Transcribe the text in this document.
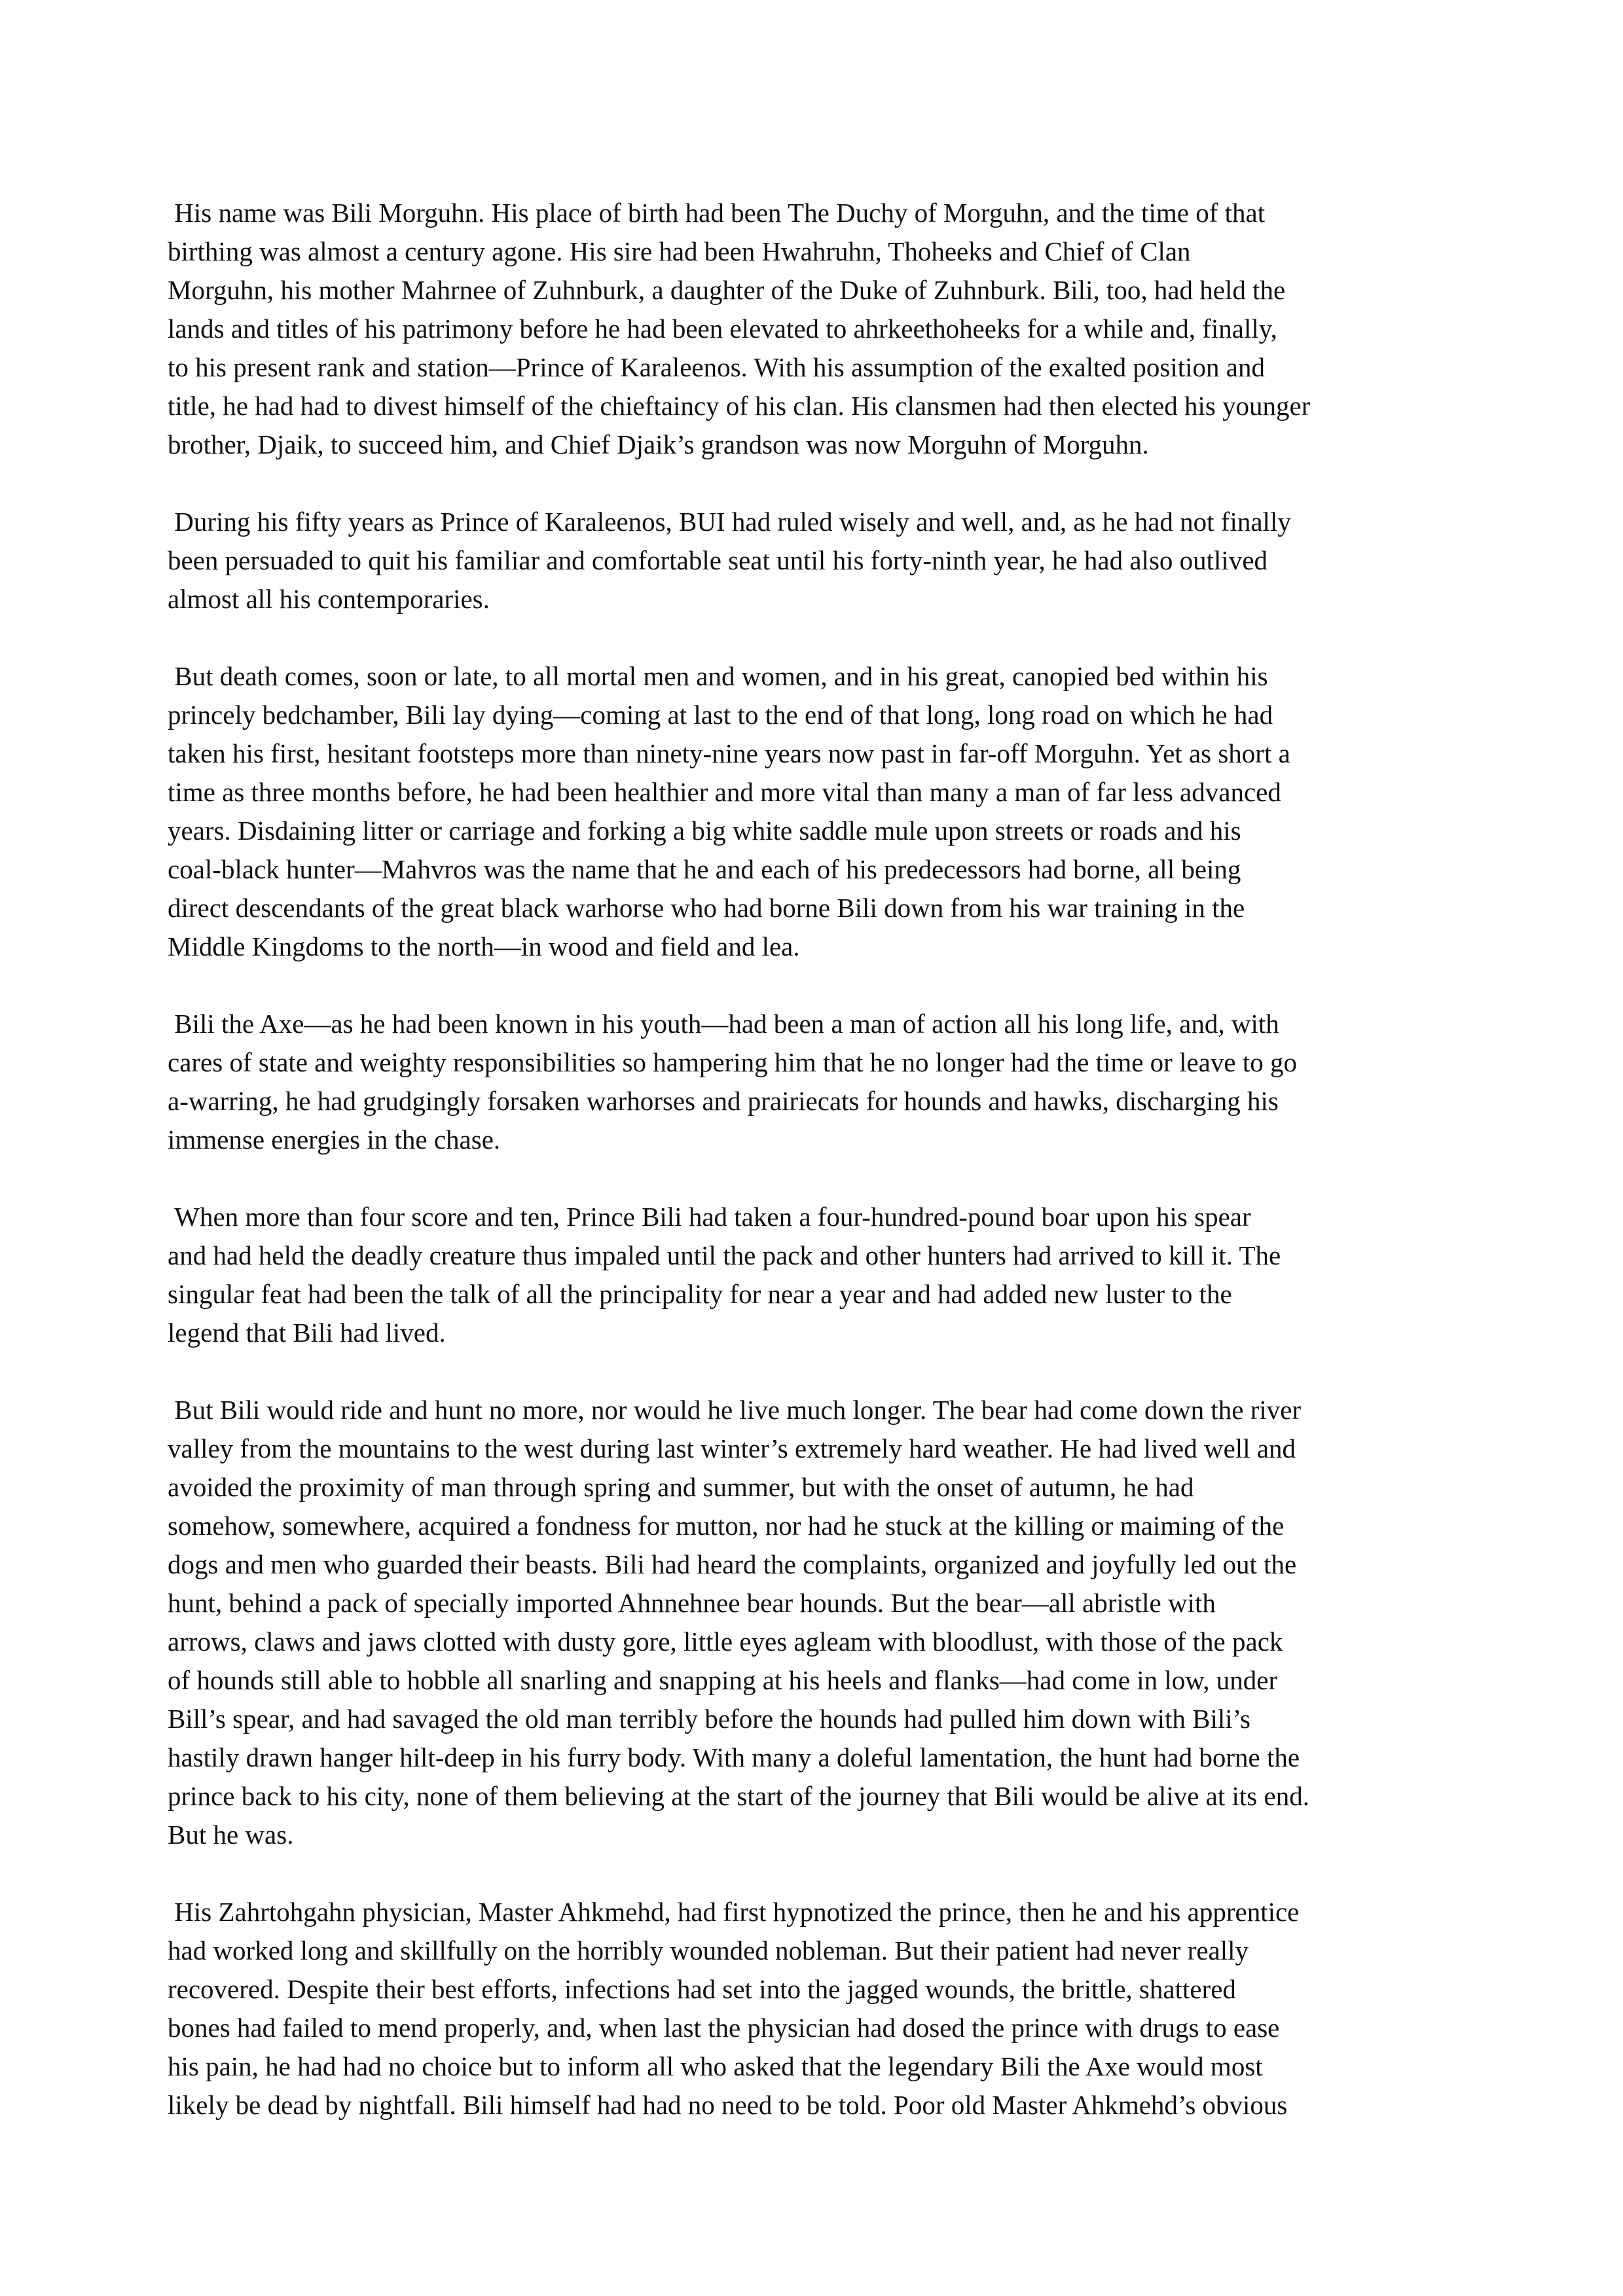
His name was Bili Morguhn. His place of birth had been The Duchy of Morguhn, and the time of that
birthing was almost a century agone. His sire had been Hwahruhn, Thoheeks and Chief of Clan
Morguhn, his mother Mahrnee of Zuhnburk, a daughter of the Duke of Zuhnburk. Bili, too, had held the
lands and titles of his patrimony before he had been elevated to ahrkeethoheeks for a while and, finally,
to his present rank and station—Prince of Karaleenos. With his assumption of the exalted position and
title, he had had to divest himself of the chieftaincy of his clan. His clansmen had then elected his younger
brother, Djaik, to succeed him, and Chief Djaik’s grandson was now Morguhn of Morguhn.

During his fifty years as Prince of Karaleenos, BUI had ruled wisely and well, and, as he had not finally
been persuaded to quit his familiar and comfortable seat until his forty-ninth year, he had also outlived
almost all his contemporaries.

But death comes, soon or late, to all mortal men and women, and in his great, canopied bed within his
princely bedchamber, Bili lay dying—coming at last to the end of that long, long road on which he had
taken his first, hesitant footsteps more than ninety-nine years now past in far-off Morguhn. Yet as short a
time as three months before, he had been healthier and more vital than many a man of far less advanced
years. Disdaining litter or carriage and forking a big white saddle mule upon streets or roads and his
coal-black hunter—Mahvros was the name that he and each of his predecessors had borne, all being
direct descendants of the great black warhorse who had borne Bili down from his war training in the
Middle Kingdoms to the north—in wood and field and lea.

Bili the Axe—as he had been known in his youth—had been a man of action all his long life, and, with
cares of state and weighty responsibilities so hampering him that he no longer had the time or leave to go
a-warring, he had grudgingly forsaken warhorses and prairiecats for hounds and hawks, discharging his
immense energies in the chase.

When more than four score and ten, Prince Bili had taken a four-hundred-pound boar upon his spear
and had held the deadly creature thus impaled until the pack and other hunters had arrived to kill it. The
singular feat had been the talk of all the principality for near a year and had added new luster to the
legend that Bili had lived.

But Bili would ride and hunt no more, nor would he live much longer. The bear had come down the river
valley from the mountains to the west during last winter’s extremely hard weather. He had lived well and
avoided the proximity of man through spring and summer, but with the onset of autumn, he had
somehow, somewhere, acquired a fondness for mutton, nor had he stuck at the killing or maiming of the
dogs and men who guarded their beasts. Bili had heard the complaints, organized and joyfully led out the
hunt, behind a pack of specially imported Ahnnehnee bear hounds. But the bear—all abristle with
arrows, claws and jaws clotted with dusty gore, little eyes agleam with bloodlust, with those of the pack
of hounds still able to hobble all snarling and snapping at his heels and flanks—had come in low, under
Bill’s spear, and had savaged the old man terribly before the hounds had pulled him down with Bili’s
hastily drawn hanger hilt-deep in his furry body. With many a doleful lamentation, the hunt had borne the
prince back to his city, none of them believing at the start of the journey that Bili would be alive at its end.
But he was.

His Zahrtohgahn physician, Master Ahkmehd, had first hypnotized the prince, then he and his apprentice
had worked long and skillfully on the horribly wounded nobleman. But their patient had never really
recovered. Despite their best efforts, infections had set into the jagged wounds, the brittle, shattered
bones had failed to mend properly, and, when last the physician had dosed the prince with drugs to ease
his pain, he had had no choice but to inform all who asked that the legendary Bili the Axe would most
likely be dead by nightfall. Bili himself had had no need to be told. Poor old Master Ahkmehd’s obvious
